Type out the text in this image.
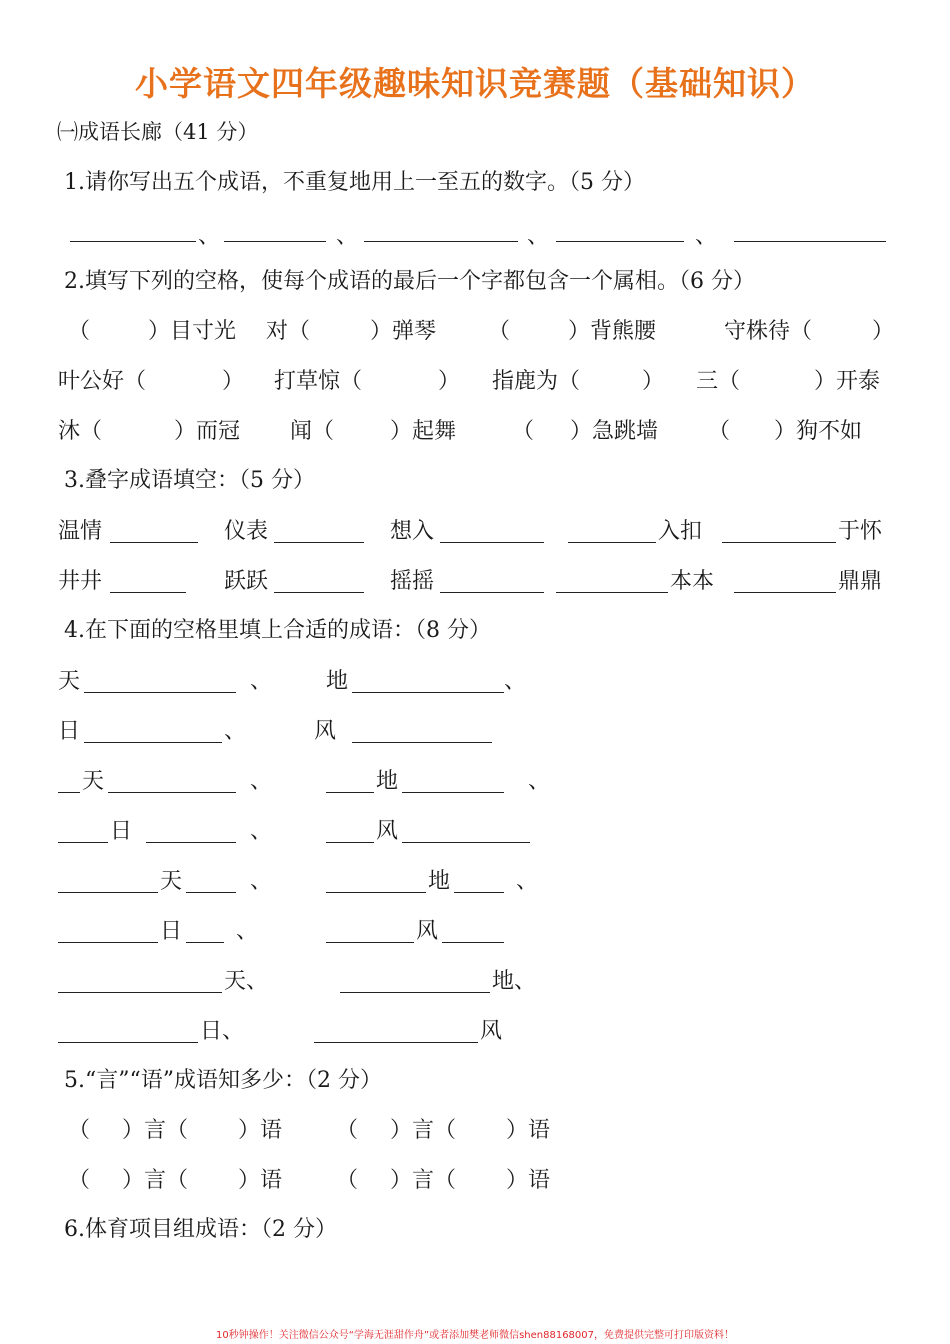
小学语文四年级趣味知识竞赛题（基础知识）
㈠成语长廊（41 分）
1.请你写出五个成语，不重复地用上一至五的数字。（5 分）
、	、	、	、
2.填写下列的空格，使每个成语的最后一个字都包含一个属相。（6 分）
（	）目寸光 对（	）弹琴 （	）背熊腰	守株待（	）
叶公好（	） 打草惊（	） 指鹿为（	） 三（	）开泰
沐（	）而冠 闻（	）起舞	（ ）急跳墙 （ ）狗不如
3.叠字成语填空：（5 分）
温情	仪表	想入	入扣	于怀
井井	跃跃	摇摇	本本	鼎鼎
4.在下面的空格里填上合适的成语：（8 分）
天	、 地	、
日	、	风
天	、	地	、
日	、	风
天	、	地	、
日 、	风
天 、	地 、
日 、	风
5.“言”“语”成语知多少：（2 分）
（ ）言（ ）语 （ ）言（ ）语
（ ）言（ ）语 （ ）言（ ）语
6.体育项目组成语：（2 分）
10秒钟操作！关注微信公众号“学海无涯甜作舟”或者添加樊老师微信shen88168007，免费提供完整可打印版资料！
